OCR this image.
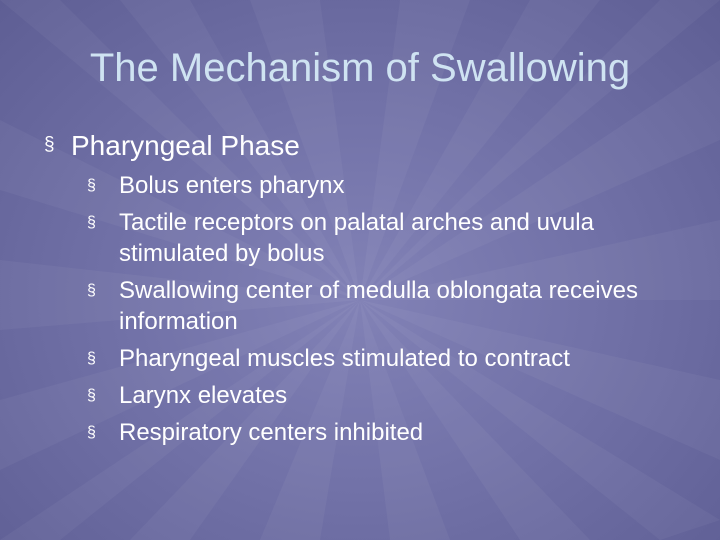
The Mechanism of Swallowing
§ Pharyngeal Phase
§ Bolus enters pharynx
§ Tactile receptors on palatal arches and uvula stimulated by bolus
§ Swallowing center of medulla oblongata receives information
§ Pharyngeal muscles stimulated to contract
§ Larynx elevates
§ Respiratory centers inhibited
